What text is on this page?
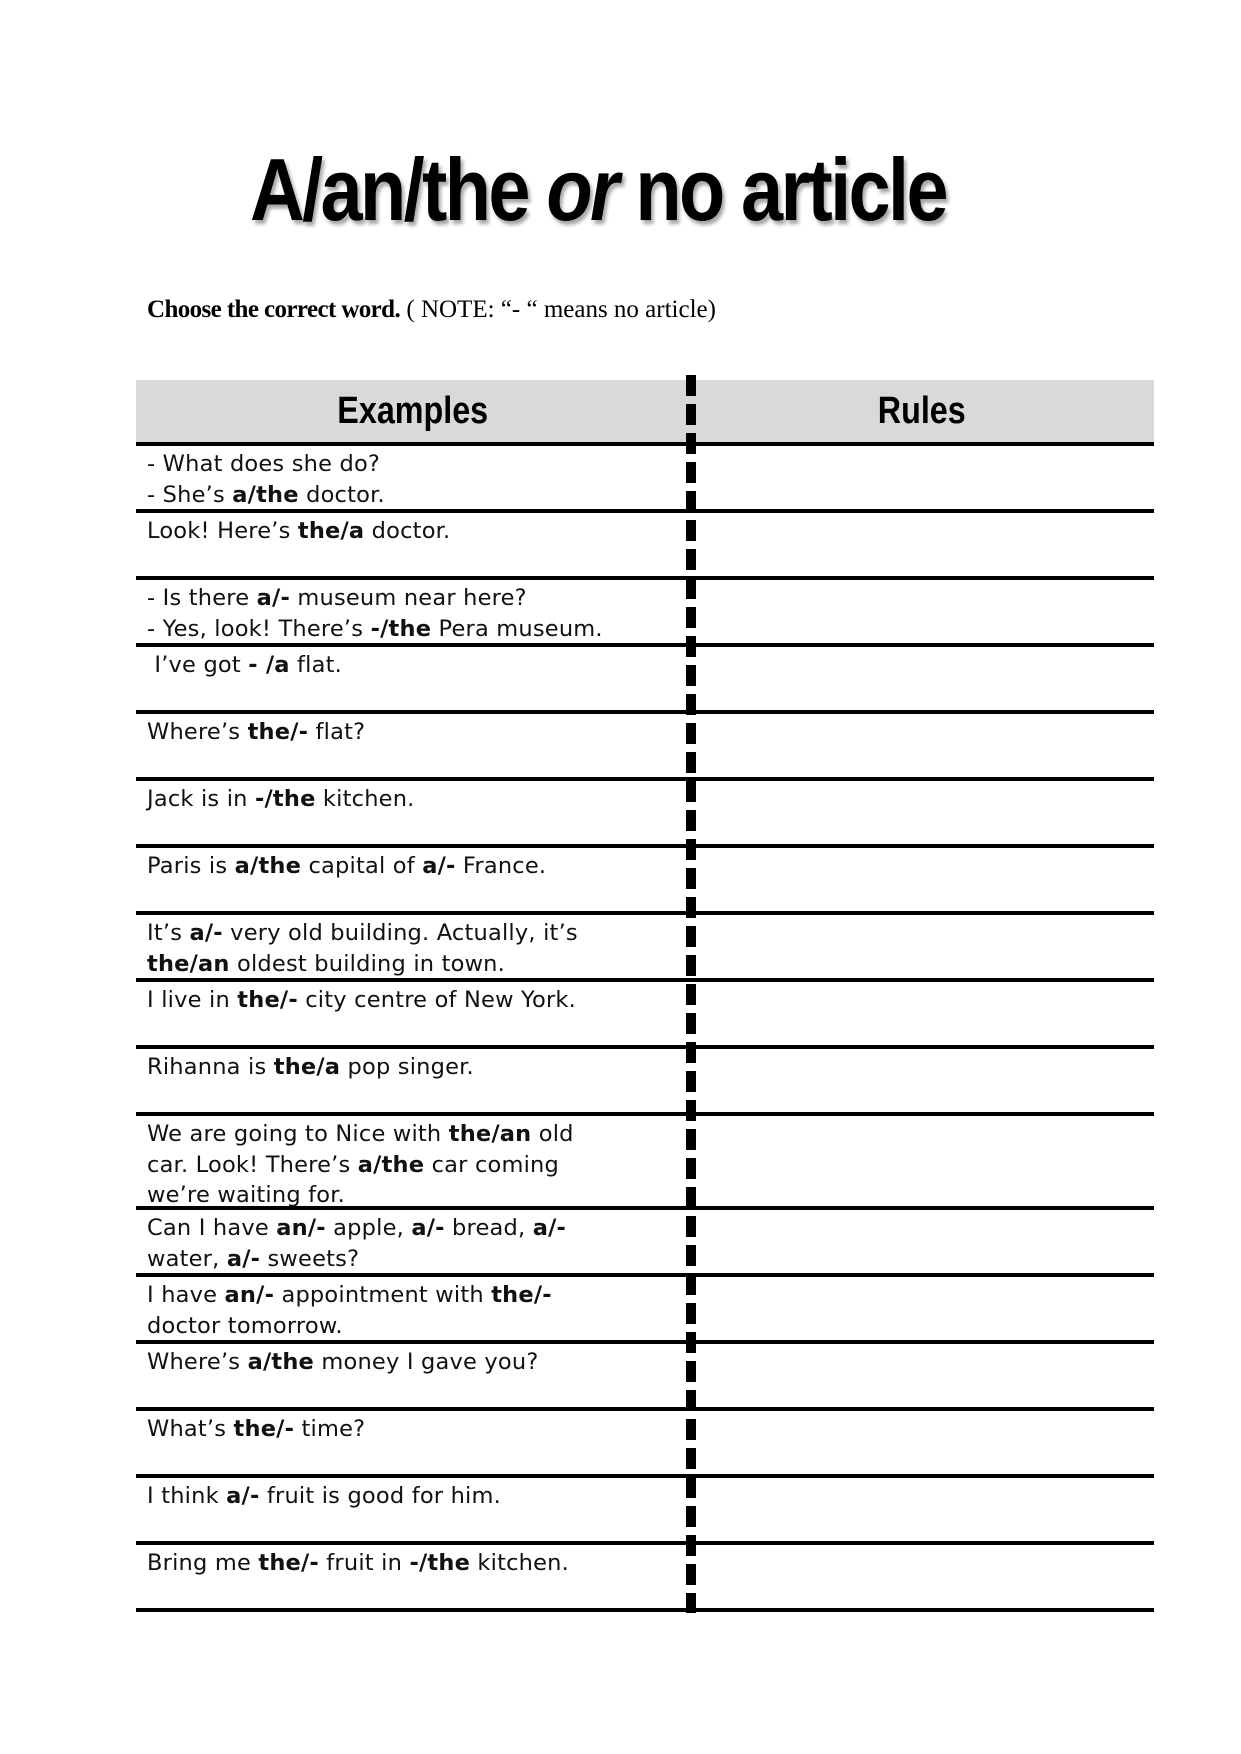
A/an/the or no article
Choose the correct word. ( NOTE: “- “ means no article)
Examples	Rules
- What does she do?
- She’s a/the doctor.
Look! Here’s the/a doctor.
- Is there a/- museum near here?
- Yes, look! There’s -/the Pera museum.
I’ve got - /a flat.
Where’s the/- flat?
Jack is in -/the kitchen.
Paris is a/the capital of a/- France.
It’s a/- very old building. Actually, it’s
the/an oldest building in town.
I live in the/- city centre of New York.
Rihanna is the/a pop singer.
We are going to Nice with the/an old
car. Look! There’s a/the car coming
we’re waiting for.
Can I have an/- apple, a/- bread, a/-
water, a/- sweets?
I have an/- appointment with the/-
doctor tomorrow.
Where’s a/the money I gave you?
What’s the/- time?
I think a/- fruit is good for him.
Bring me the/- fruit in -/the kitchen.
